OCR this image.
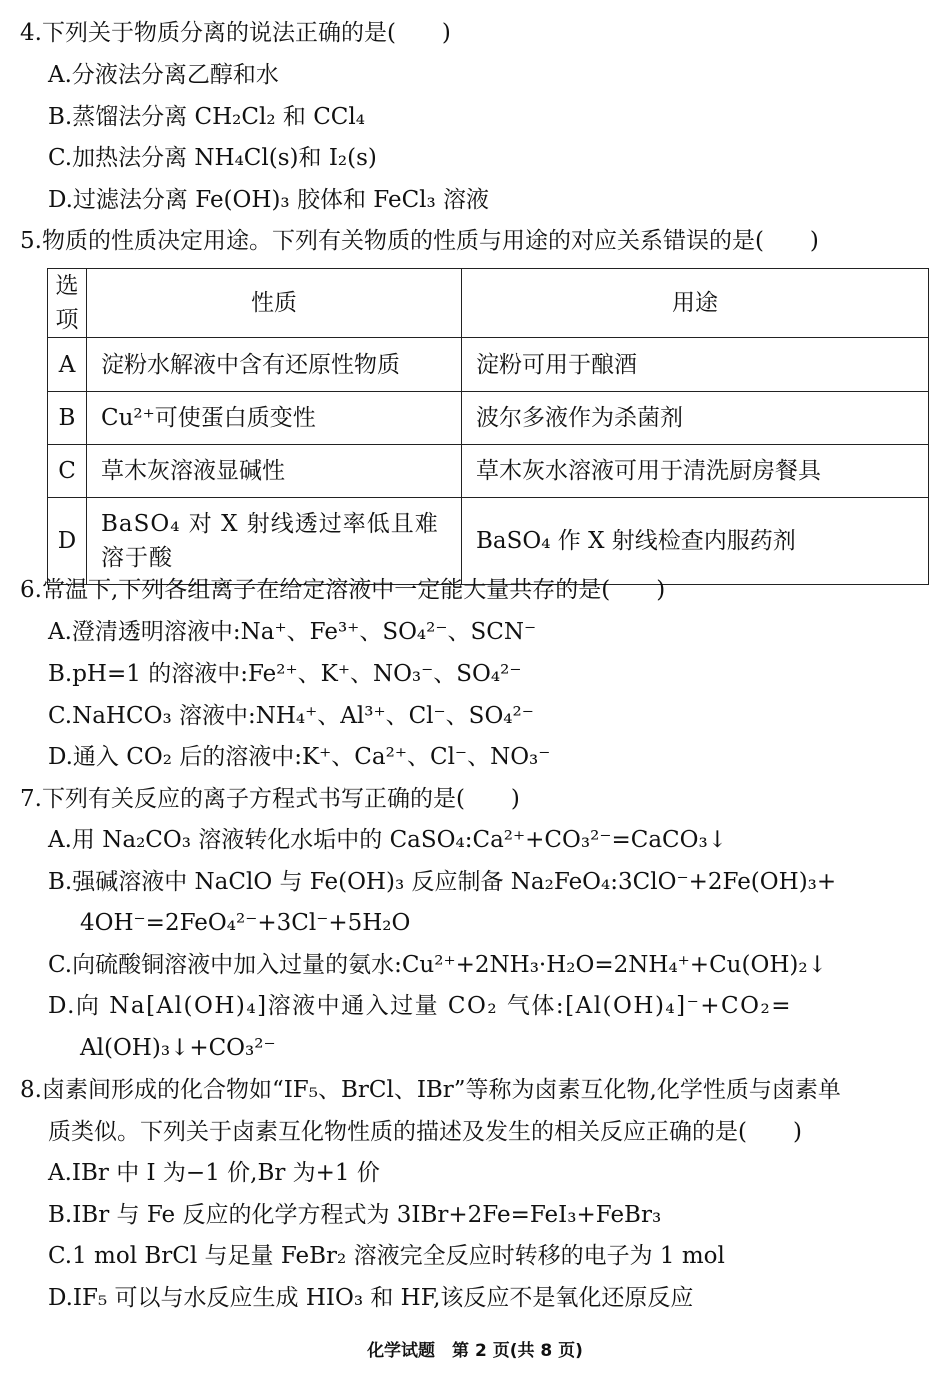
4.下列关于物质分离的说法正确的是(　　)
A.分液法分离乙醇和水
B.蒸馏法分离 CH₂Cl₂ 和 CCl₄
C.加热法分离 NH₄Cl(s)和 I₂(s)
D.过滤法分离 Fe(OH)₃ 胶体和 FeCl₃ 溶液
5.物质的性质决定用途。下列有关物质的性质与用途的对应关系错误的是(　　)
选项	性质	用途
A	淀粉水解液中含有还原性物质	淀粉可用于酿酒
B	Cu²⁺可使蛋白质变性	波尔多液作为杀菌剂
C	草木灰溶液显碱性	草木灰水溶液可用于清洗厨房餐具
D	BaSO₄ 对 X 射线透过率低且难溶于酸	BaSO₄ 作 X 射线检查内服药剂
6.常温下,下列各组离子在给定溶液中一定能大量共存的是(　　)
A.澄清透明溶液中:Na⁺、Fe³⁺、SO₄²⁻、SCN⁻
B.pH=1 的溶液中:Fe²⁺、K⁺、NO₃⁻、SO₄²⁻
C.NaHCO₃ 溶液中:NH₄⁺、Al³⁺、Cl⁻、SO₄²⁻
D.通入 CO₂ 后的溶液中:K⁺、Ca²⁺、Cl⁻、NO₃⁻
7.下列有关反应的离子方程式书写正确的是(　　)
A.用 Na₂CO₃ 溶液转化水垢中的 CaSO₄:Ca²⁺+CO₃²⁻=CaCO₃↓
B.强碱溶液中 NaClO 与 Fe(OH)₃ 反应制备 Na₂FeO₄:3ClO⁻+2Fe(OH)₃+
4OH⁻=2FeO₄²⁻+3Cl⁻+5H₂O
C.向硫酸铜溶液中加入过量的氨水:Cu²⁺+2NH₃·H₂O=2NH₄⁺+Cu(OH)₂↓
D.向 Na[Al(OH)₄]溶液中通入过量 CO₂ 气体:[Al(OH)₄]⁻+CO₂=
Al(OH)₃↓+CO₃²⁻
8.卤素间形成的化合物如“IF₅、BrCl、IBr”等称为卤素互化物,化学性质与卤素单
质类似。下列关于卤素互化物性质的描述及发生的相关反应正确的是(　　)
A.IBr 中 I 为−1 价,Br 为+1 价
B.IBr 与 Fe 反应的化学方程式为 3IBr+2Fe=FeI₃+FeBr₃
C.1 mol BrCl 与足量 FeBr₂ 溶液完全反应时转移的电子为 1 mol
D.IF₅ 可以与水反应生成 HIO₃ 和 HF,该反应不是氧化还原反应
化学试题　第 2 页(共 8 页)
